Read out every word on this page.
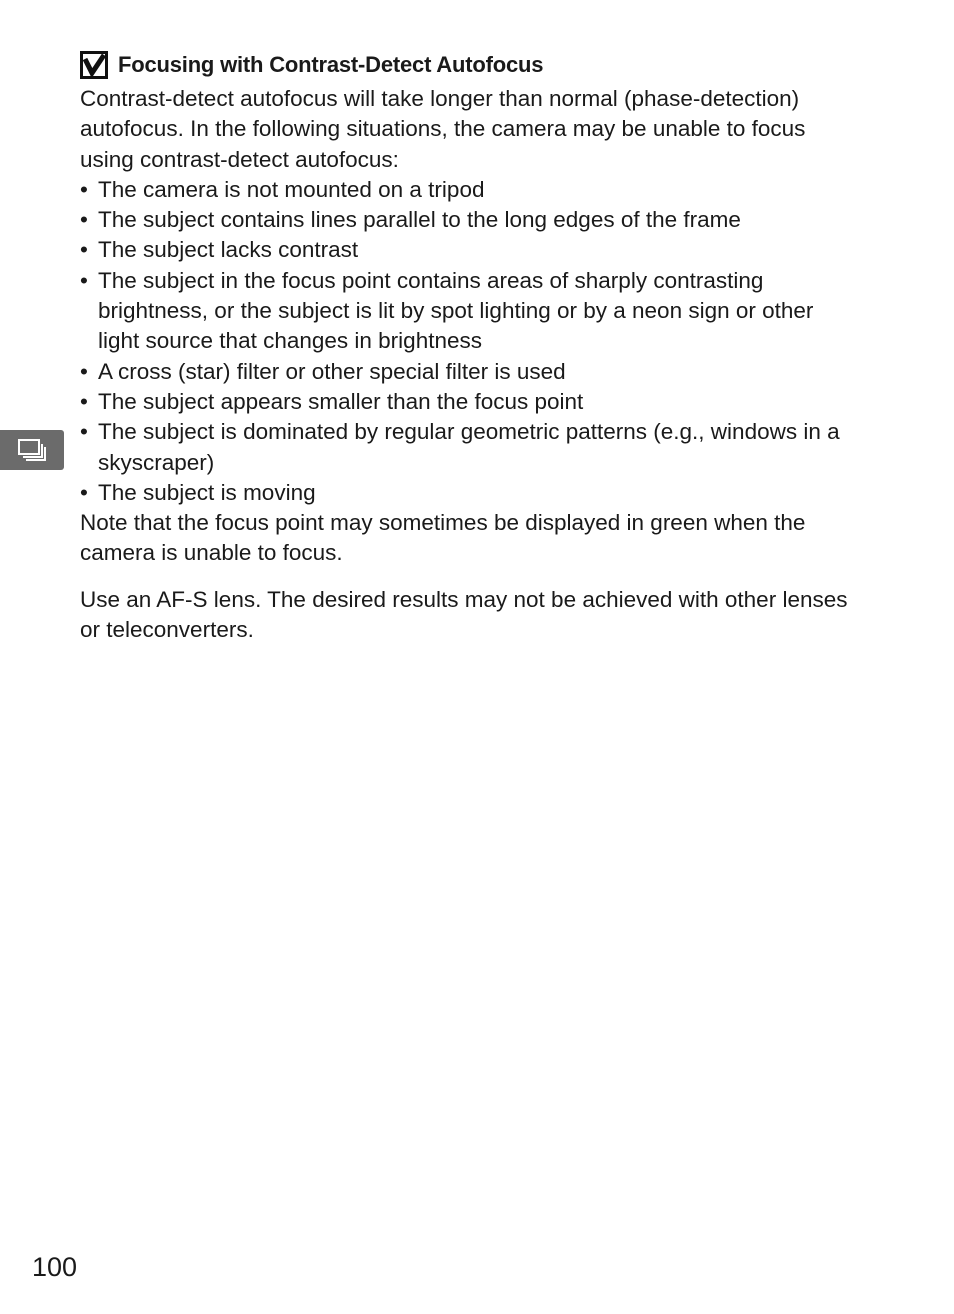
Focusing with Contrast-Detect Autofocus

Contrast-detect autofocus will take longer than normal (phase-detection) autofocus. In the following situations, the camera may be unable to focus using contrast-detect autofocus:

• The camera is not mounted on a tripod
• The subject contains lines parallel to the long edges of the frame
• The subject lacks contrast
• The subject in the focus point contains areas of sharply contrasting brightness, or the subject is lit by spot lighting or by a neon sign or other light source that changes in brightness
• A cross (star) filter or other special filter is used
• The subject appears smaller than the focus point
• The subject is dominated by regular geometric patterns (e.g., windows in a skyscraper)
• The subject is moving

Note that the focus point may sometimes be displayed in green when the camera is unable to focus.

Use an AF-S lens. The desired results may not be achieved with other lenses or teleconverters.

100
